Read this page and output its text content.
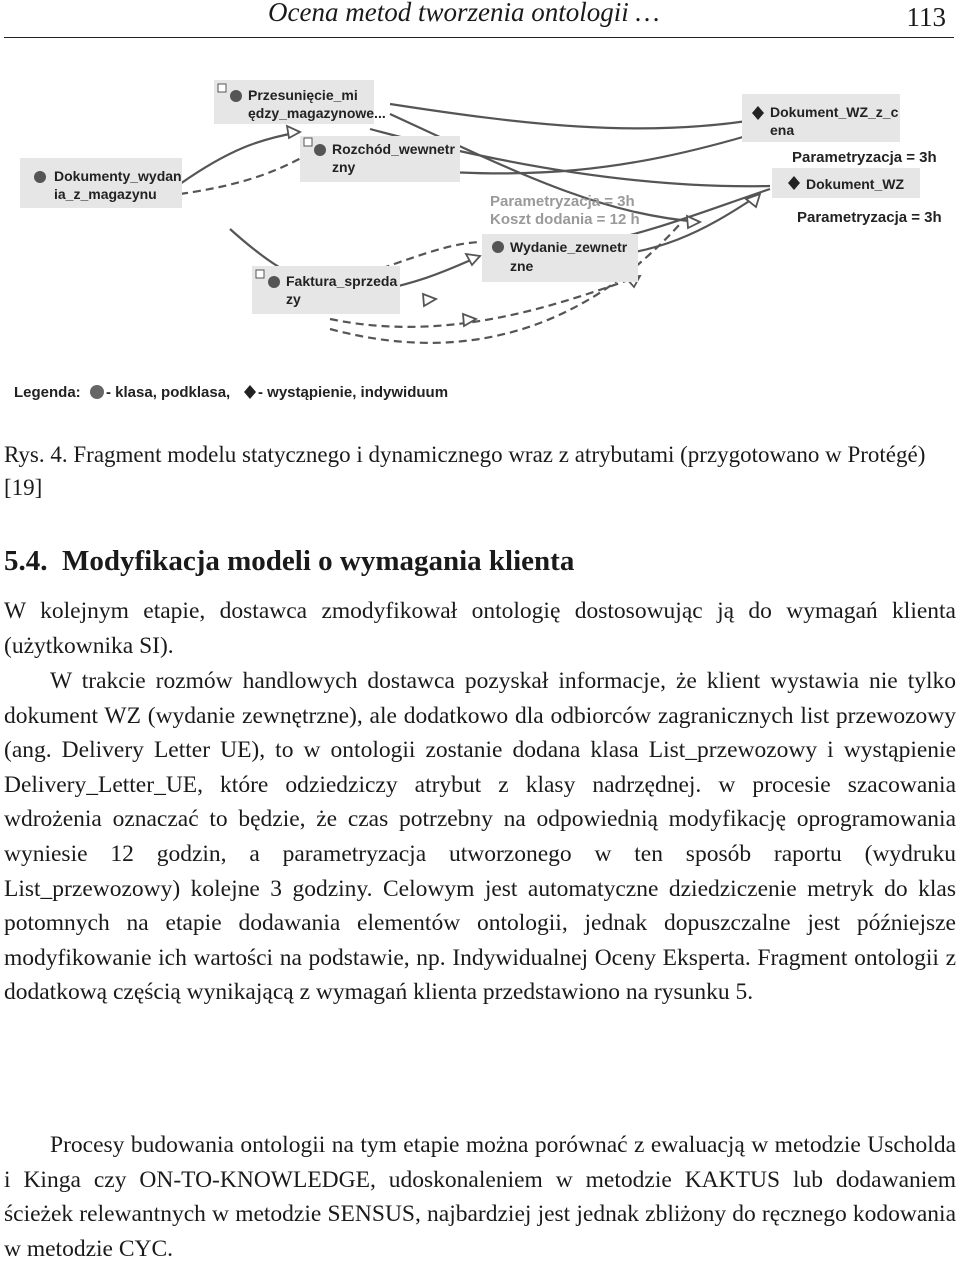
Ocena metod tworzenia ontologii …	113
Przesunięcie_mi
ędzy_magazynowe...
Rozchód_wewnetr
zny
Dokumenty_wydan
ia_z_magazynu
Dokument_WZ_z_c
ena
Dokument_WZ
Wydanie_zewnetr
zne
Faktura_sprzeda
zy
Parametryzacja = 3h
Parametryzacja = 3h
Parametryzacja = 3h
Koszt dodania = 12 h
Legenda: - klasa, podklasa, - wystąpienie, indywiduum
Rys. 4. Fragment modelu statycznego i dynamicznego wraz z atrybutami (przygotowano w Protégé) [19]
5.4. Modyfikacja modeli o wymagania klienta
W kolejnym etapie, dostawca zmodyfikował ontologię dostosowując ją do wymagań klienta (użytkownika SI).
W trakcie rozmów handlowych dostawca pozyskał informacje, że klient wystawia nie tylko dokument WZ (wydanie zewnętrzne), ale dodatkowo dla odbiorców zagranicznych list przewozowy (ang. Delivery Letter UE), to w ontologii zostanie dodana klasa List_przewozowy i wystąpienie Delivery_Letter_UE, które odziedziczy atrybut z klasy nadrzędnej. w procesie szacowania wdrożenia oznaczać to będzie, że czas potrzebny na odpowiednią modyfikację oprogramowania wyniesie 12 godzin, a parametryzacja utworzonego w ten sposób raportu (wydruku List_przewozowy) kolejne 3 godziny. Celowym jest automatyczne dziedziczenie metryk do klas potomnych na etapie dodawania elementów ontologii, jednak dopuszczalne jest późniejsze modyfikowanie ich wartości na podstawie, np. Indywidualnej Oceny Eksperta. Fragment ontologii z dodatkową częścią wynikającą z wymagań klienta przedstawiono na rysunku 5.
Procesy budowania ontologii na tym etapie można porównać z ewaluacją w metodzie Uscholda i Kinga czy ON-TO-KNOWLEDGE, udoskonaleniem w metodzie KAKTUS lub dodawaniem ścieżek relewantnych w metodzie SENSUS, najbardziej jest jednak zbliżony do ręcznego kodowania w metodzie CYC.
